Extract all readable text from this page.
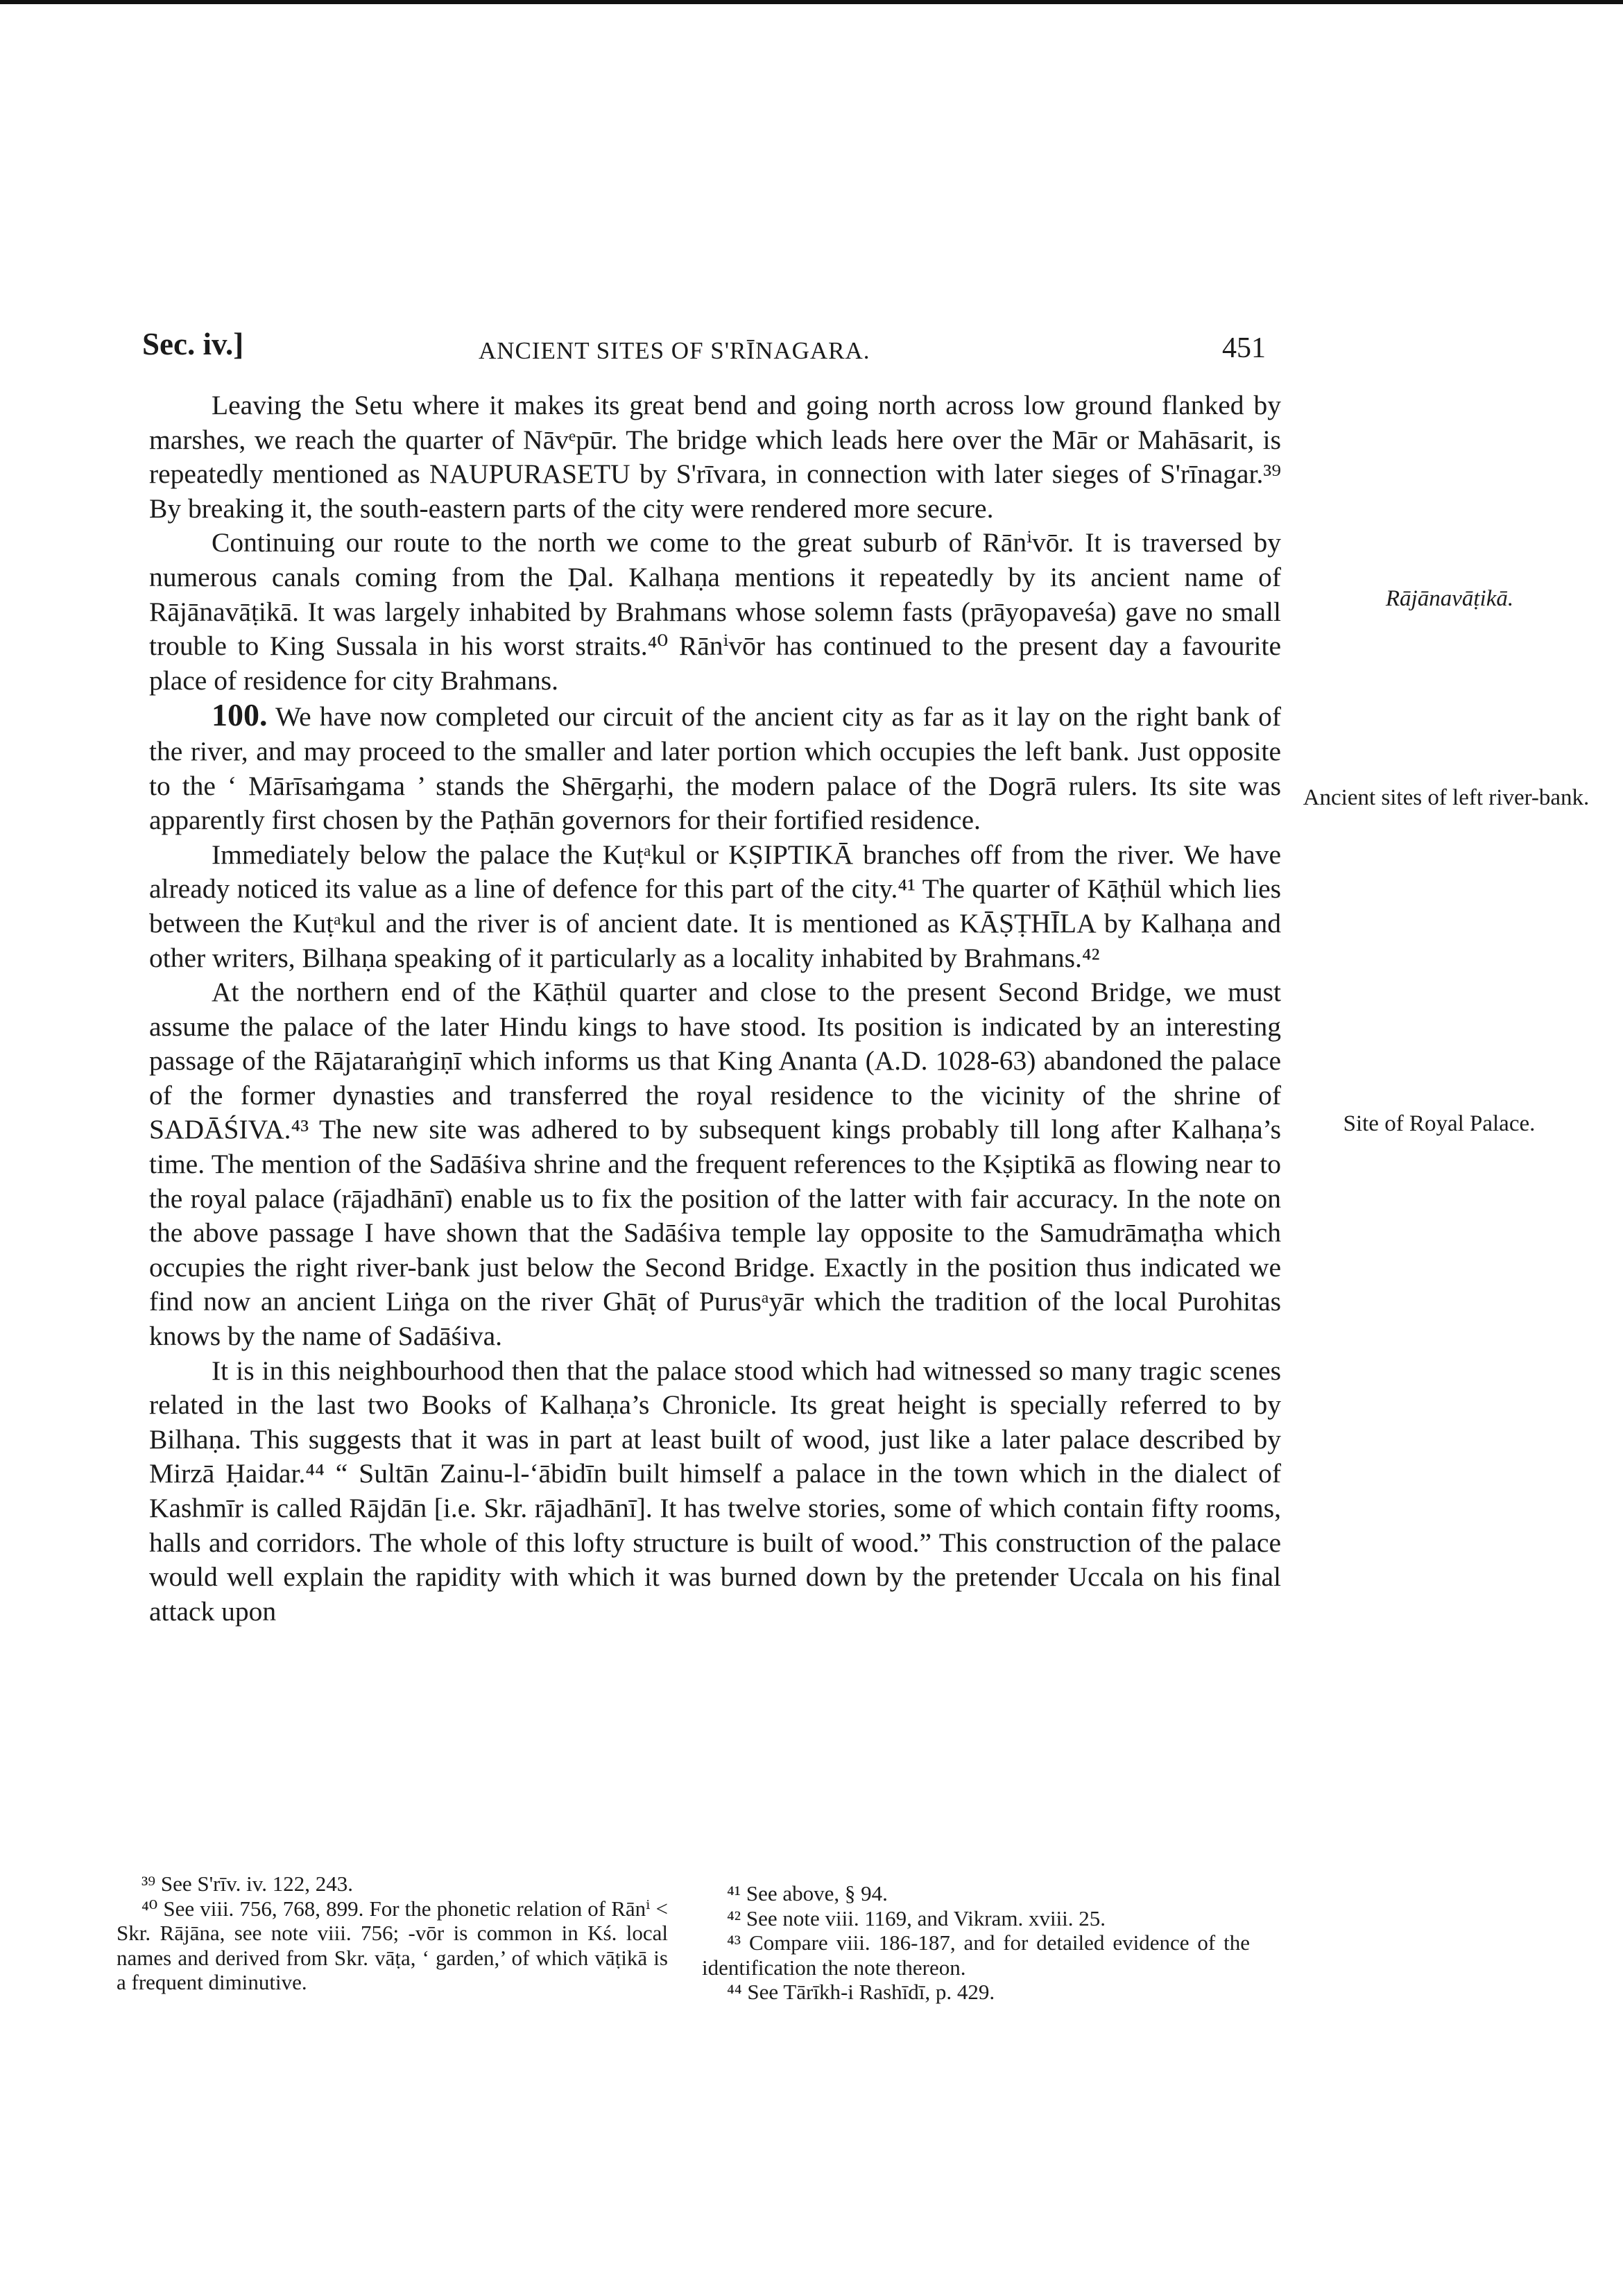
Sec. iv.]	ANCIENT SITES OF S'RĪNAGARA.	451

Leaving the Setu where it makes its great bend and going north across low ground flanked by marshes, we reach the quarter of Nāvᵉpūr. The bridge which leads here over the Mār or Mahāsarit, is repeatedly mentioned as NAUPURASETU by S'rīvara, in connection with later sieges of S'rīnagar.³⁹ By breaking it, the south-eastern parts of the city were rendered more secure.

Continuing our route to the north we come to the great suburb of Rānⁱvōr. It is traversed by numerous canals coming from the Ḍal. Kalhaṇa mentions it repeatedly by its ancient name of Rājānavāṭikā. It was largely inhabited by Brahmans whose solemn fasts (prāyopaveśa) gave no small trouble to King Sussala in his worst straits.⁴⁰ Rānⁱvōr has continued to the present day a favourite place of residence for city Brahmans.

100. We have now completed our circuit of the ancient city as far as it lay on the right bank of the river, and may proceed to the smaller and later portion which occupies the left bank. Just opposite to the ‘ Mārīsaṁgama ’ stands the Shērgaṛhi, the modern palace of the Dogrā rulers. Its site was apparently first chosen by the Paṭhān governors for their fortified residence.

Immediately below the palace the Kuṭᵃkul or KṢIPTIKĀ branches off from the river. We have already noticed its value as a line of defence for this part of the city.⁴¹ The quarter of Kāṭhül which lies between the Kuṭᵃkul and the river is of ancient date. It is mentioned as KĀṢṬHĪLA by Kalhaṇa and other writers, Bilhaṇa speaking of it particularly as a locality inhabited by Brahmans.⁴²

At the northern end of the Kāṭhül quarter and close to the present Second Bridge, we must assume the palace of the later Hindu kings to have stood. Its position is indicated by an interesting passage of the Rājataraṅgiṇī which informs us that King Ananta (A.D. 1028-63) abandoned the palace of the former dynasties and transferred the royal residence to the vicinity of the shrine of SADĀŚIVA.⁴³ The new site was adhered to by subsequent kings probably till long after Kalhaṇa’s time. The mention of the Sadāśiva shrine and the frequent references to the Kṣiptikā as flowing near to the royal palace (rājadhānī) enable us to fix the position of the latter with fair accuracy. In the note on the above passage I have shown that the Sadāśiva temple lay opposite to the Samudrāmaṭha which occupies the right river-bank just below the Second Bridge. Exactly in the position thus indicated we find now an ancient Liṅga on the river Ghāṭ of Purusᵃyār which the tradition of the local Purohitas knows by the name of Sadāśiva.

It is in this neighbourhood then that the palace stood which had witnessed so many tragic scenes related in the last two Books of Kalhaṇa’s Chronicle. Its great height is specially referred to by Bilhaṇa. This suggests that it was in part at least built of wood, just like a later palace described by Mirzā Ḥaidar.⁴⁴ “ Sultān Zainu-l-‘ābidīn built himself a palace in the town which in the dialect of Kashmīr is called Rājdān [i.e. Skr. rājadhānī]. It has twelve stories, some of which contain fifty rooms, halls and corridors. The whole of this lofty structure is built of wood.” This construction of the palace would well explain the rapidity with which it was burned down by the pretender Uccala on his final attack upon

Rājānavāṭikā.
Ancient sites of left river-bank.
Site of Royal Palace.

³⁹ See S'rīv. iv. 122, 243.

⁴⁰ See viii. 756, 768, 899. For the phonetic relation of Rānⁱ < Skr. Rājāna, see note viii. 756; -vōr is common in Kś. local names and derived from Skr. vāṭa, ‘ garden,’ of which vāṭikā is a frequent diminutive.

⁴¹ See above, § 94.

⁴² See note viii. 1169, and Vikram. xviii. 25.

⁴³ Compare viii. 186-187, and for detailed evidence of the identification the note thereon.

⁴⁴ See Tārīkh-i Rashīdī, p. 429.
